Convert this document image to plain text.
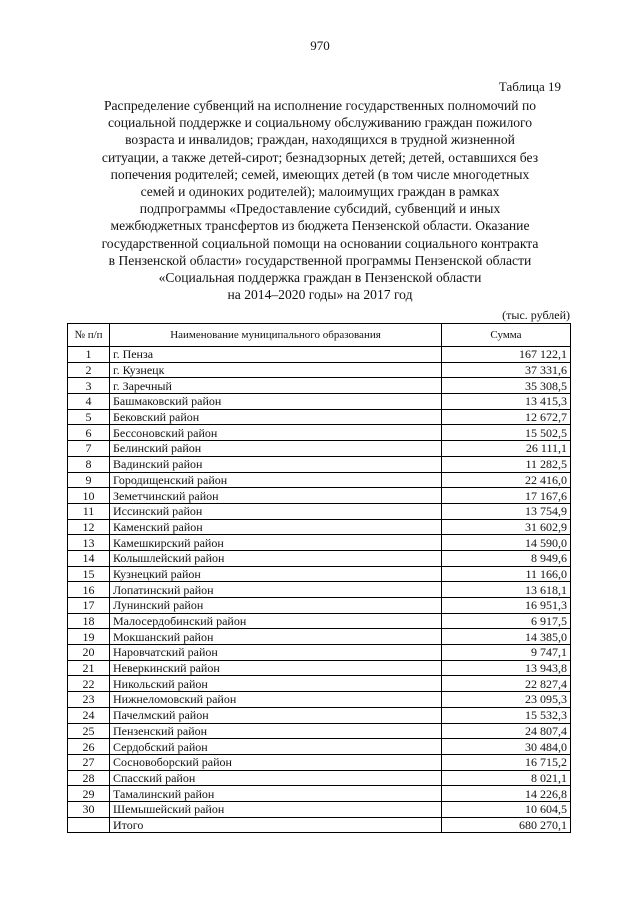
970
Таблица 19
Распределение субвенций на исполнение государственных полномочий по
социальной поддержке и социальному обслуживанию граждан пожилого
возраста и инвалидов; граждан, находящихся в трудной жизненной
ситуации, а также детей-сирот; безнадзорных детей; детей, оставшихся без
попечения родителей; семей, имеющих детей (в том числе многодетных
семей и одиноких родителей); малоимущих граждан в рамках
подпрограммы «Предоставление субсидий, субвенций и иных
межбюджетных трансфертов из бюджета Пензенской области. Оказание
государственной социальной помощи на основании социального контракта
в Пензенской области» государственной программы Пензенской области
«Социальная поддержка граждан в Пензенской области
на 2014–2020 годы» на 2017 год
(тыс. рублей)
№ п/п	Наименование муниципального образования	Сумма
1	г. Пенза	167 122,1
2	г. Кузнецк	37 331,6
3	г. Заречный	35 308,5
4	Башмаковский район	13 415,3
5	Бековский район	12 672,7
6	Бессоновский район	15 502,5
7	Белинский район	26 111,1
8	Вадинский район	11 282,5
9	Городищенский район	22 416,0
10	Земетчинский район	17 167,6
11	Иссинский район	13 754,9
12	Каменский район	31 602,9
13	Камешкирский район	14 590,0
14	Колышлейский район	8 949,6
15	Кузнецкий район	11 166,0
16	Лопатинский район	13 618,1
17	Лунинский район	16 951,3
18	Малосердобинский район	6 917,5
19	Мокшанский район	14 385,0
20	Наровчатский район	9 747,1
21	Неверкинский район	13 943,8
22	Никольский район	22 827,4
23	Нижнеломовский район	23 095,3
24	Пачелмский район	15 532,3
25	Пензенский район	24 807,4
26	Сердобский район	30 484,0
27	Сосновоборский район	16 715,2
28	Спасский район	8 021,1
29	Тамалинский район	14 226,8
30	Шемышейский район	10 604,5
	Итого	680 270,1
